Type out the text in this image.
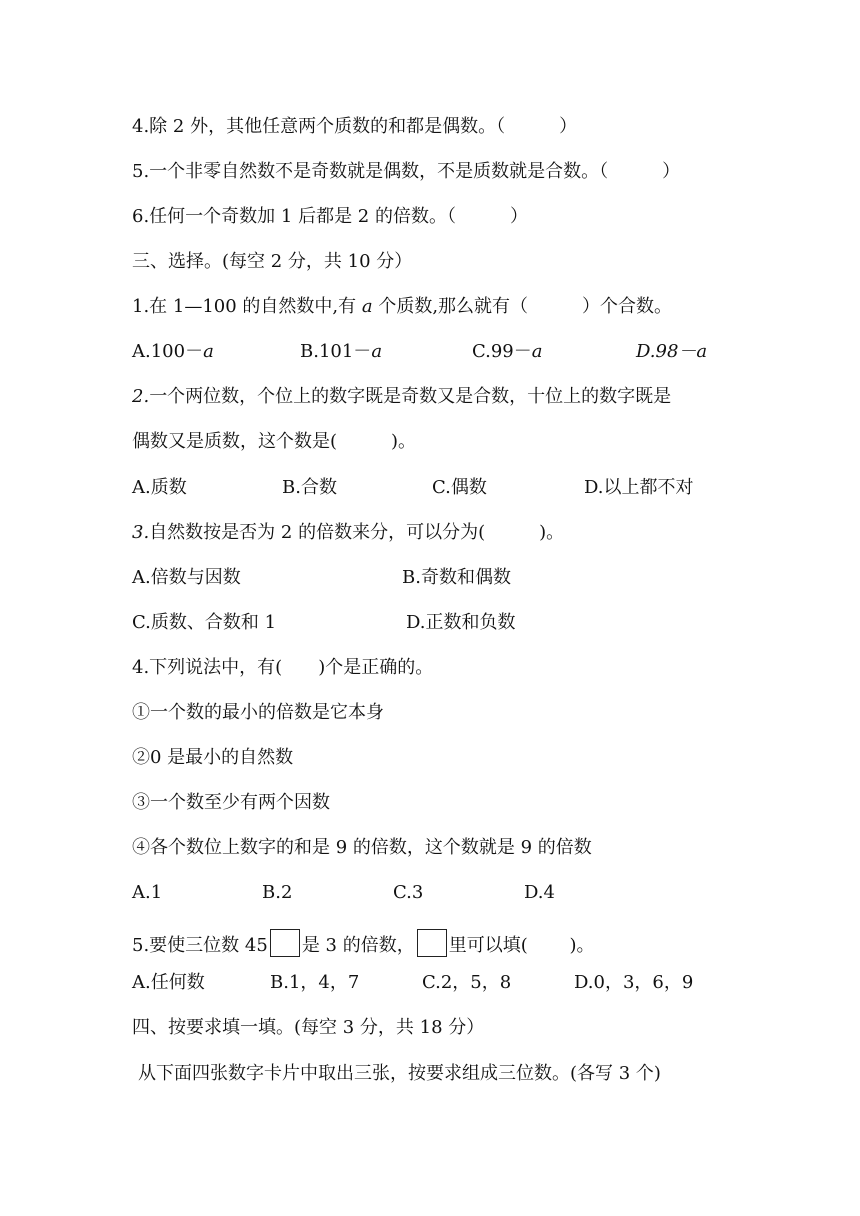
4.除 2 外，其他任意两个质数的和都是偶数。（　　　）
5.一个非零自然数不是奇数就是偶数，不是质数就是合数。（　　　）
6.任何一个奇数加 1 后都是 2 的倍数。（　　　）
三、选择。(每空 2 分，共 10 分）
1.在 1—100 的自然数中,有 a 个质数,那么就有（　　　）个合数。
A.100－a	B.101－a	C.99－a	D.98－a
2.一个两位数，个位上的数字既是奇数又是合数，十位上的数字既是
偶数又是质数，这个数是(　　　)。
A.质数	B.合数	C.偶数	D.以上都不对
3.自然数按是否为 2 的倍数来分，可以分为(　　　)。
A.倍数与因数	B.奇数和偶数
C.质数、合数和 1	D.正数和负数
4.下列说法中，有(　　)个是正确的。
①一个数的最小的倍数是它本身
②0 是最小的自然数
③一个数至少有两个因数
④各个数位上数字的和是 9 的倍数，这个数就是 9 的倍数
A.1	B.2	C.3	D.4
5.要使三位数 45 是 3 的倍数， 里可以填(　　 )。
A.任何数	B.1，4，7	C.2，5，8	D.0，3，6，9
四、按要求填一填。(每空 3 分，共 18 分）
从下面四张数字卡片中取出三张，按要求组成三位数。(各写 3 个)
